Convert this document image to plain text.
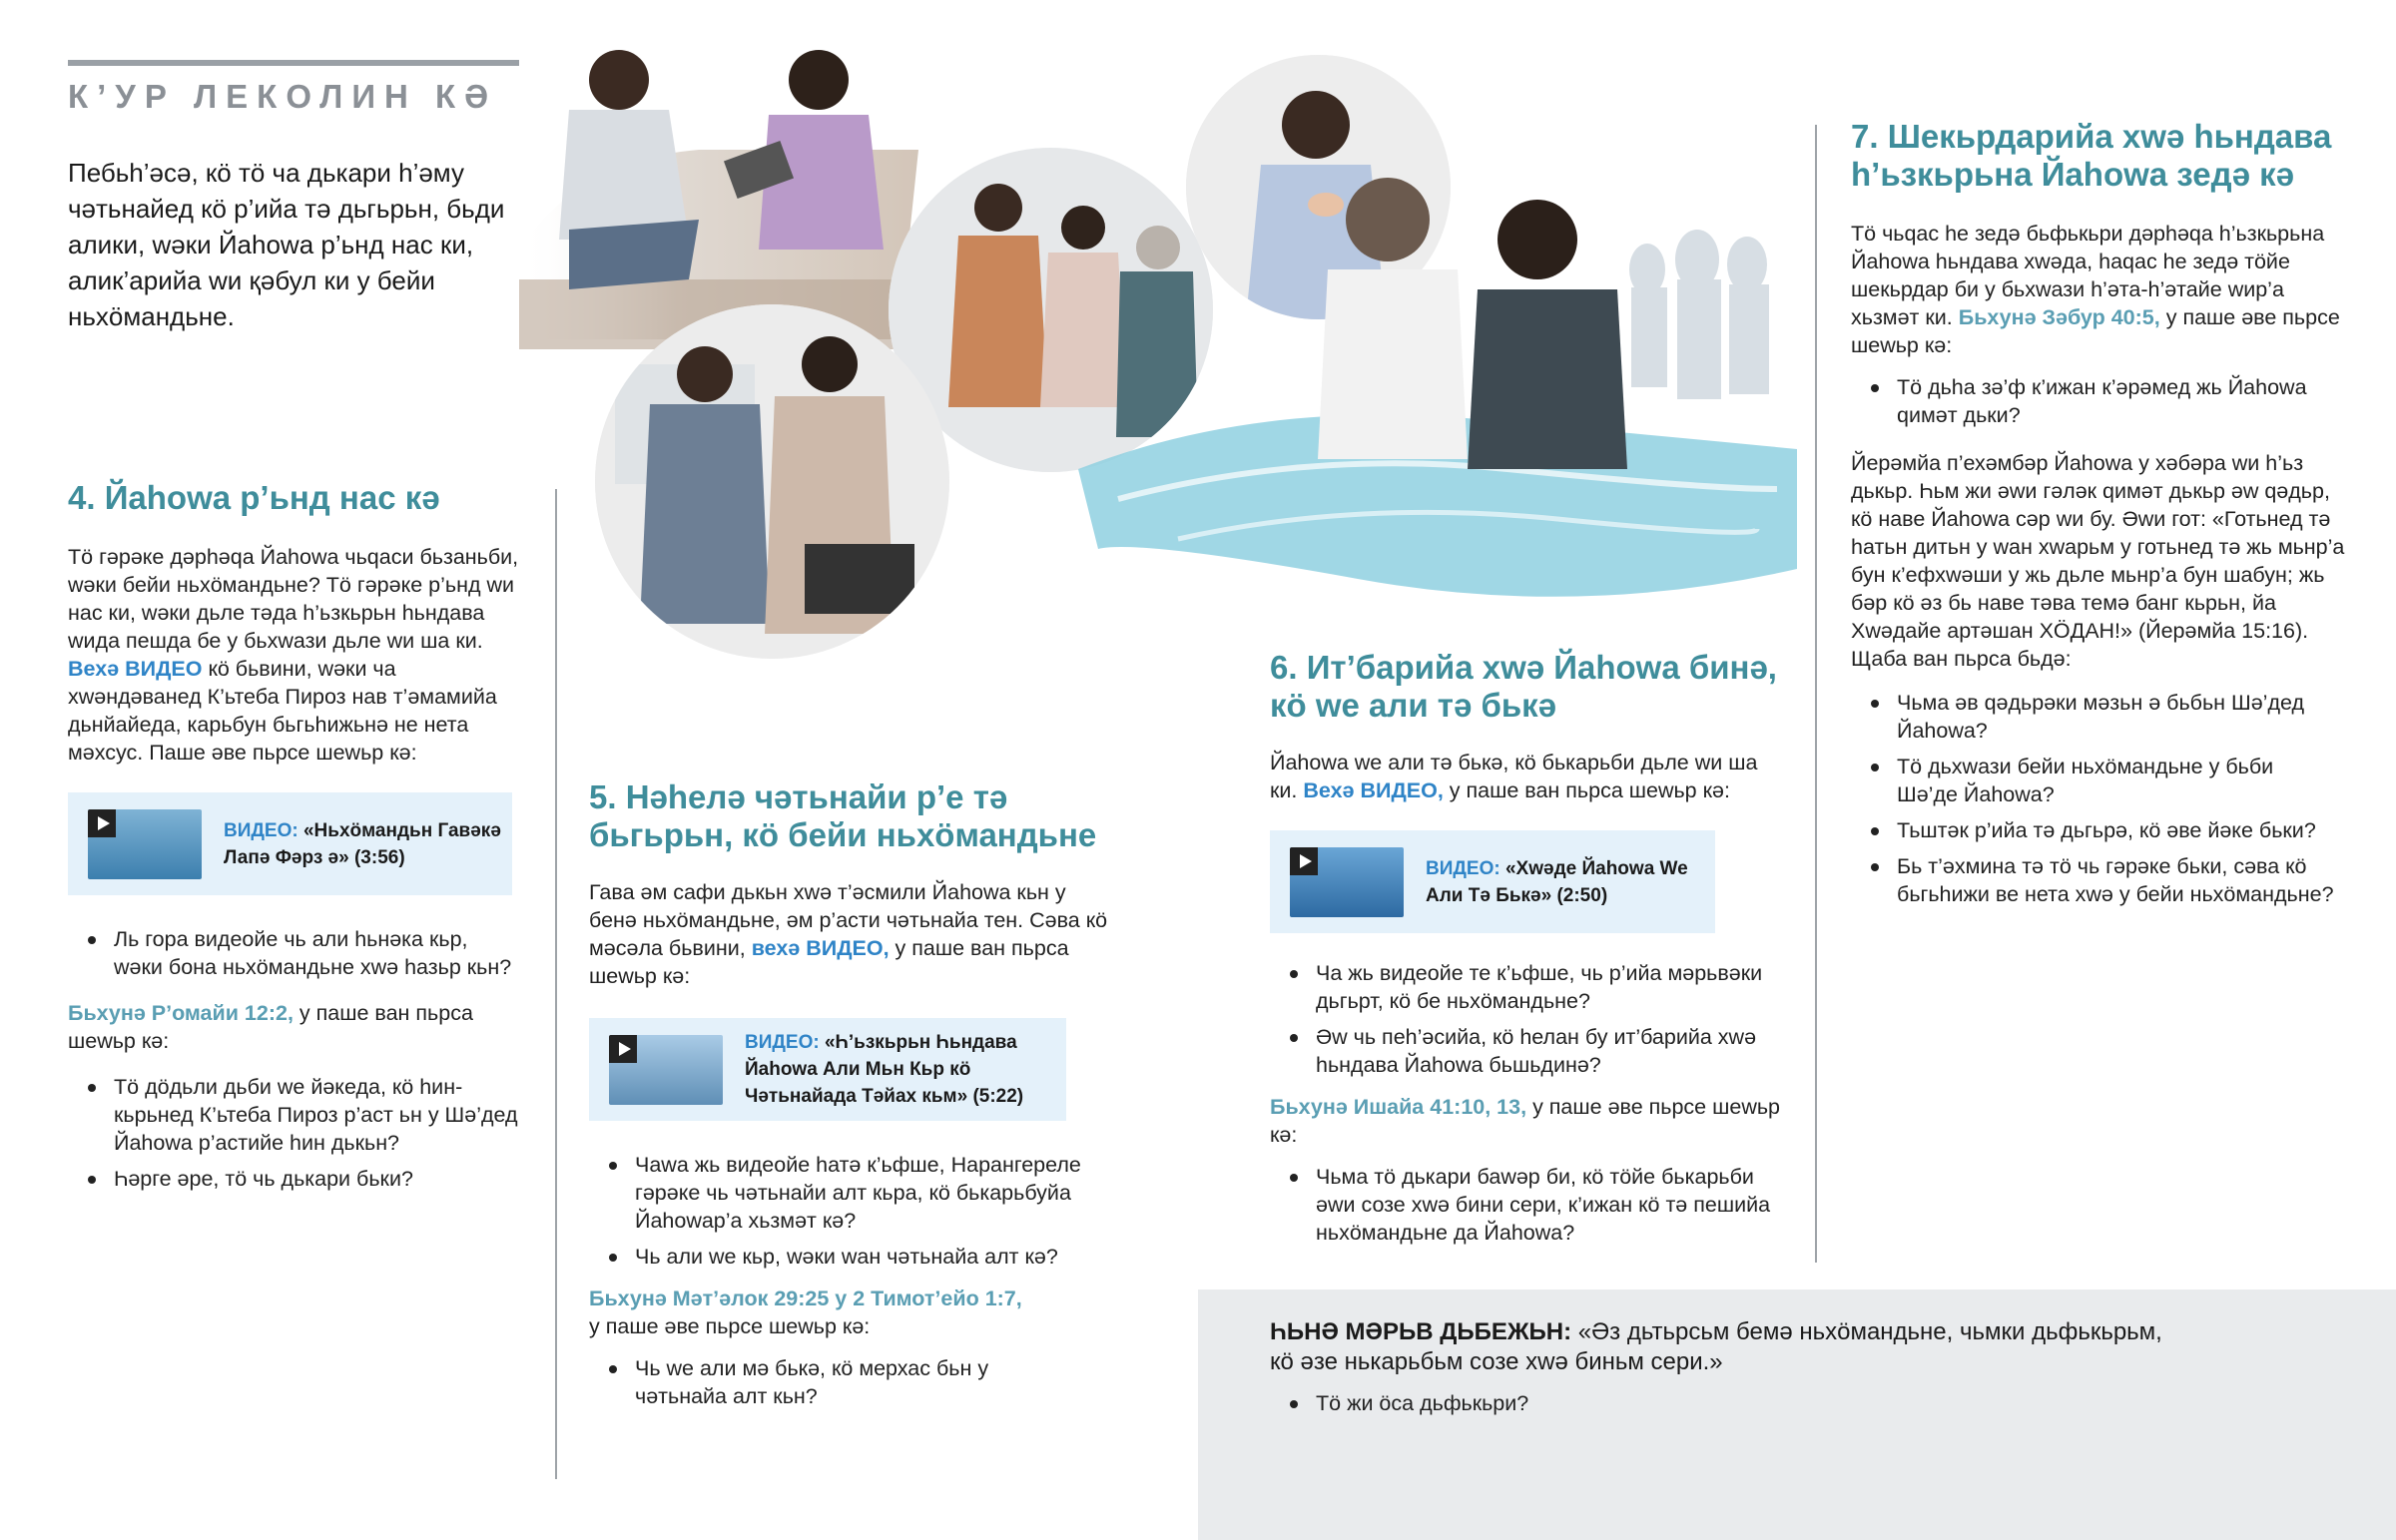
К’УР ЛЕКОЛИН КӘ
Пебьһ’әсә, кӧ тӧ ча дькари һ’әму чәтьнайед кӧ р’ийа тә дьгьрьн, бьди алики, wәки Йаһоwа р’ьнд нас ки, алик’арийа wи қәбул ки у бейи ньхӧмандьне.

4. Йаһоwа р’ьнд нас кә

Тӧ гәрәке дәрһәqа Йаһоwа чьqаси бьзаньби, wәки бейи ньхӧмандьне? Тӧ гәрәке р’ьнд wи нас ки, wәки дьле тәда һ’ьзкьрьн һьндава wида пешда бе у бьхwази дьле wи ша ки. Вехә ВИДЕО кӧ бьвини, wәки ча хwәндәванед К’ьтеба Пироз нав т’әмамийа дьнйайеда, карьбун бьгьһижьнә не нета мәхсус. Паше әве пьрсе шеwьр кә:

ВИДЕО: «Ньхӧмандьн Гавәкә Лапә Фәрз ә» (3:56)
Ль гора видеойе чь али һьнәка кьр, wәки бона ньхӧмандьне хwә һазьр кьн?

Бьхунә Р’омайи 12:2, у паше ван пьрса шеwьр кә:

Тӧ дӧдьли дьби wе йәкеда, кӧ һин-кьрьнед К’ьтеба Пироз р’аст ьн у Шә’дед Йаһоwа р’астийе һин дькьн?
Һәрге әре, тӧ чь дькари бьки?

5. Нәһелә чәтьнайи р’е тә бьгьрьн, кӧ бейи ньхӧмандьне

Гава әм сафи дькьн хwә т’әсмили Йаһоwа кьн у бенә ньхӧмандьне, әм р’асти чәтьнайа тен. Сәва кӧ мәсәла бьвини, вехә ВИДЕО, у паше ван пьрса шеwьр кә:

ВИДЕО: «Һ’ьзкьрьн Һьндава Йаһоwа Али Мьн Кьр кӧ Чәтьнайада Тәйах кьм» (5:22)
Чаwа жь видеойе һатә к’ьфше, Нарангереле гәрәке чь чәтьнайи алт кьра, кӧ бькарьбуйа Йаһоwар’а хьзмәт кә?
Чь али wе кьр, wәки wан чәтьнайа алт кә?

Бьхунә Мәт’әлок 29:25 у 2 Тимот’ейо 1:7,
у паше әве пьрсе шеwьр кә:

Чь wе али мә бькә, кӧ мерхас бьн у чәтьнайа алт кьн?

6. Ит’барийа хwә Йаһоwа бинә, кӧ wе али тә бькә

Йаһоwа wе али тә бькә, кӧ бькарьби дьле wи ша ки. Вехә ВИДЕО, у паше ван пьрса шеwьр кә:

ВИДЕО: «Хwәдe Йаһоwа We Али Тә Бькә» (2:50)
Ча жь видеойе те к’ьфше, чь р’ийа мәрьвәки дьгьрт, кӧ бе ньхӧмандьне?
Әw чь пеһ’әсийа, кӧ һелан бу ит’барийа хwә һьндава Йаһоwа бьшьдинә?

Бьхунә Ишайа 41:10, 13, у паше әве пьрсе шеwьр кә:

Чьма тӧ дькари баwәр би, кӧ тӧйе бькарьби әwи созе хwә бини сери, к’ижан кӧ тә пешийа ньхӧмандьне да Йаһоwа?

7. Шекьрдарийа хwә һьндава һ’ьзкьрьна Йаһоwа зедә кә

Тӧ чьqас he зедә бьфькьри дәрһәqа һ’ьзкьрьна Йаһоwа һьндава хwәда, һаqас he зедә тӧйе шекьрдар би у бьхwази һ’әта-һ’әтайе wир’а хьзмәт ки. Бьхунә Зәбур 40:5, у паше әве пьрсе шеwьр кә:

Тӧ дьһа зә’ф к’ижан к’әрәмед жь Йаһоwа qимәт дьки?

Йерәмйа п’ехәмбәр Йаһоwа у хәбәра wи һ’ьз дькьр. Һьм жи әwи гәләк qимәт дькьр әw qәдьр, кӧ наве Йаһоwа сәр wи бу. Әwи гот: «Готьнед тә һатьн дитьн у wан хwарьм у готьнед тә жь мьнр’а бун к’ефхwәши у жь дьле мьнр’а бун шабун; жь бәр кӧ әз бь наве тәва темә банг кьрьн, йа Хwәдайе артәшан ХӦДАН!» (Йерәмйа 15:16). Щаба ван пьрса бьдә:

Чьма әв qәдьрәки мәзьн ә бьбьн Шә’дед Йаһоwа?
Тӧ дьхwази бейи ньхӧмандьне у бьби Шә’де Йаһоwа?
Тьштәк р’ийа тә дьгьрә, кӧ әве йәке бьки?
Бь т’әхмина тә тӧ чь гәрәке бьки, сәва кӧ бьгьһижи ве нета хwә у бейи ньхӧмандьне?

ҺЬНӘ МӘРЬВ ДЬБЕЖЬН: «Әз дьтьрсьм бемә ньхӧмандьне, чьмки дьфькьрьм, кӧ әзе нькарьбьм созе хwә биньм сери.»

Тӧ жи ӧса дьфькьри?
